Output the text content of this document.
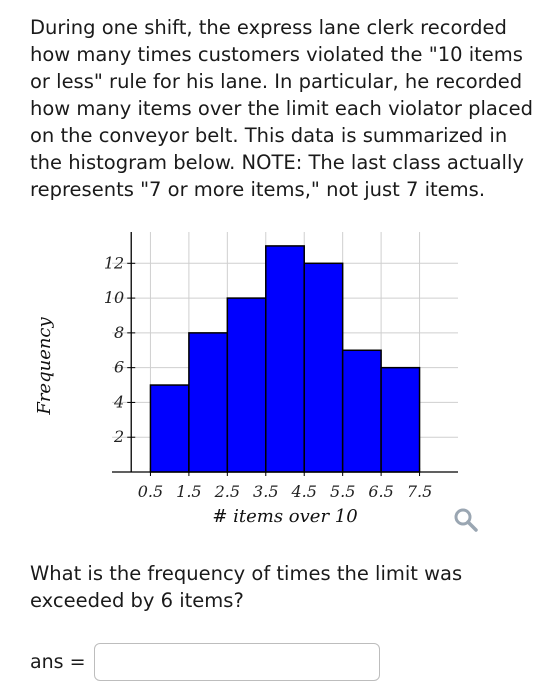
During one shift, the express lane clerk recorded how many times customers violated the "10 items or less" rule for his lane. In particular, he recorded how many items over the limit each violator placed on the conveyor belt. This data is summarized in the histogram below. NOTE: The last class actually represents "7 or more items," not just 7 items.

2
4
6
8
10
12
0.5 1.5 2.5 3.5 4.5 5.5 6.5 7.5
# items over 10
Frequency

What is the frequency of times the limit was exceeded by 6 items?

ans =
